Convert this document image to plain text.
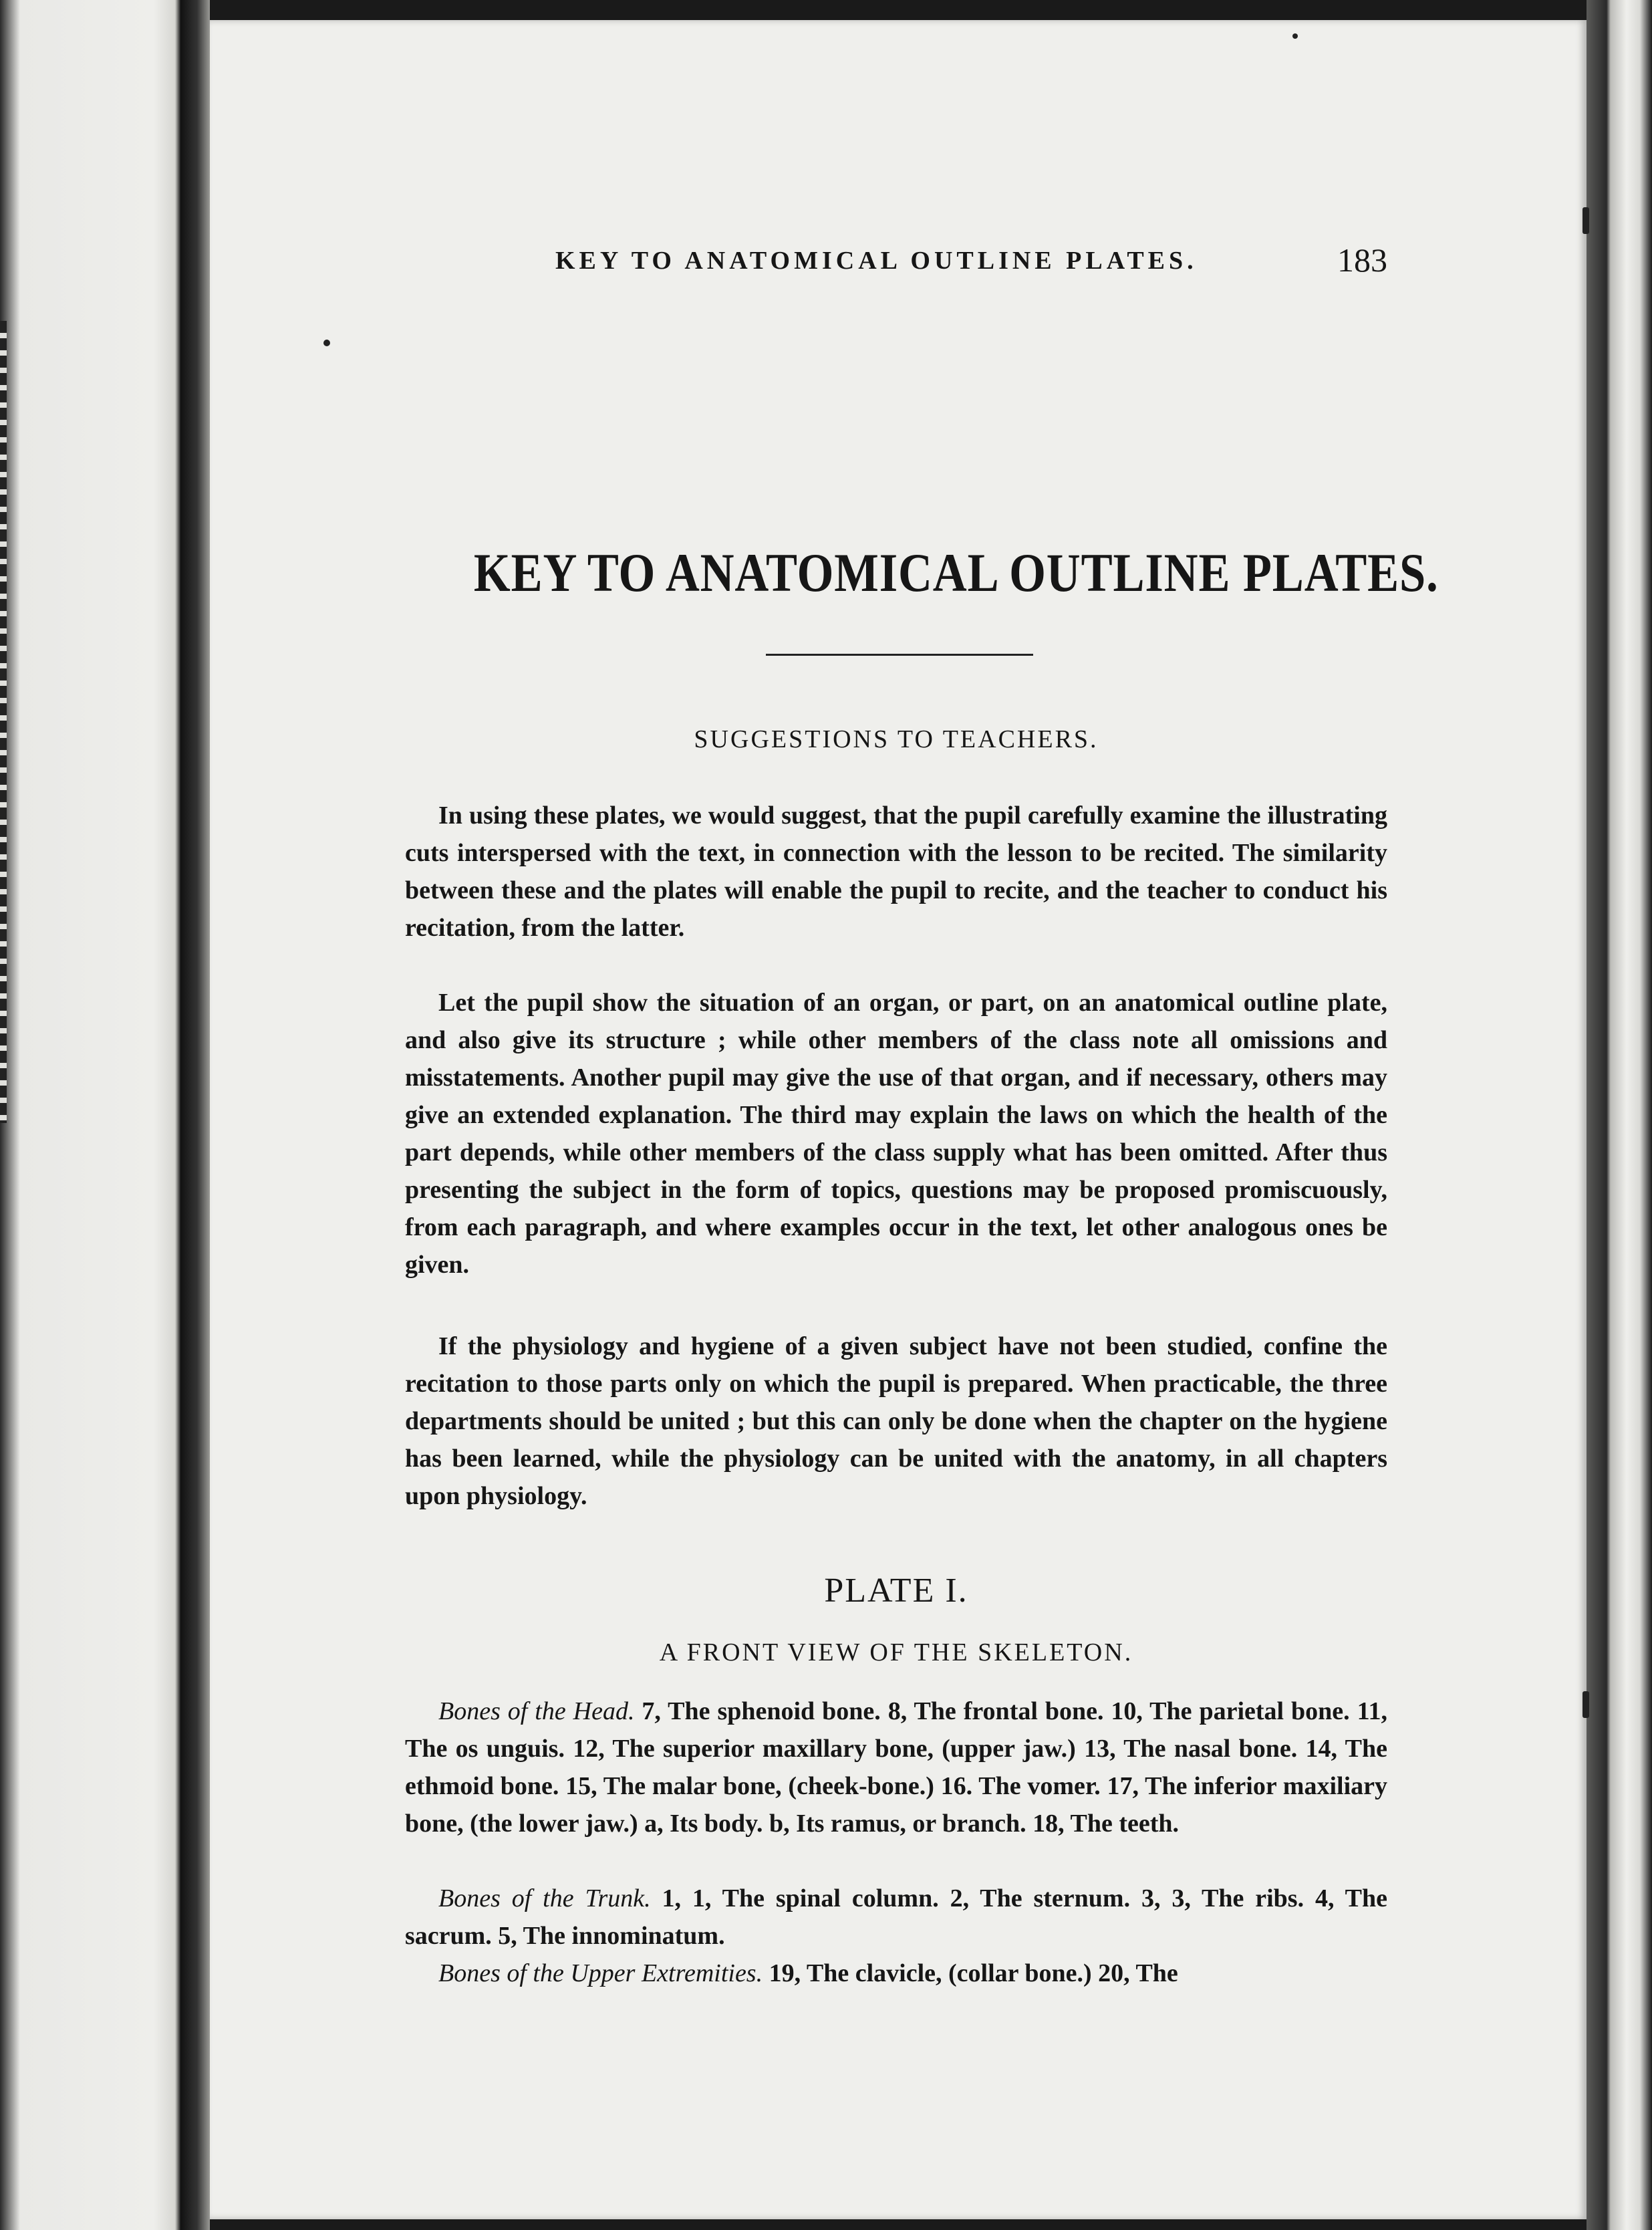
KEY TO ANATOMICAL OUTLINE PLATES.	183
KEY TO ANATOMICAL OUTLINE PLATES.
SUGGESTIONS TO TEACHERS.

In using these plates, we would suggest, that the pupil carefully examine the illustrating cuts interspersed with the text, in connection with the lesson to be recited. The similarity between these and the plates will enable the pupil to recite, and the teacher to conduct his recitation, from the latter.

Let the pupil show the situation of an organ, or part, on an anatomical outline plate, and also give its structure ; while other members of the class note all omissions and misstatements. Another pupil may give the use of that organ, and if necessary, others may give an extended explanation. The third may explain the laws on which the health of the part depends, while other members of the class supply what has been omitted. After thus presenting the subject in the form of topics, questions may be proposed promiscuously, from each paragraph, and where examples occur in the text, let other analogous ones be given.

If the physiology and hygiene of a given subject have not been studied, confine the recitation to those parts only on which the pupil is prepared. When practicable, the three departments should be united ; but this can only be done when the chapter on the hygiene has been learned, while the physiology can be united with the anatomy, in all chapters upon physiology.

PLATE I.
A FRONT VIEW OF THE SKELETON.

Bones of the Head. 7, The sphenoid bone. 8, The frontal bone. 10, The parietal bone. 11, The os unguis. 12, The superior maxillary bone, (upper jaw.) 13, The nasal bone. 14, The ethmoid bone. 15, The malar bone, (cheek-bone.) 16. The vomer. 17, The inferior maxiliary bone, (the lower jaw.) a, Its body. b, Its ramus, or branch. 18, The teeth.

Bones of the Trunk. 1, 1, The spinal column. 2, The sternum. 3, 3, The ribs. 4, The sacrum. 5, The innominatum.

Bones of the Upper Extremities. 19, The clavicle, (collar bone.) 20, The
